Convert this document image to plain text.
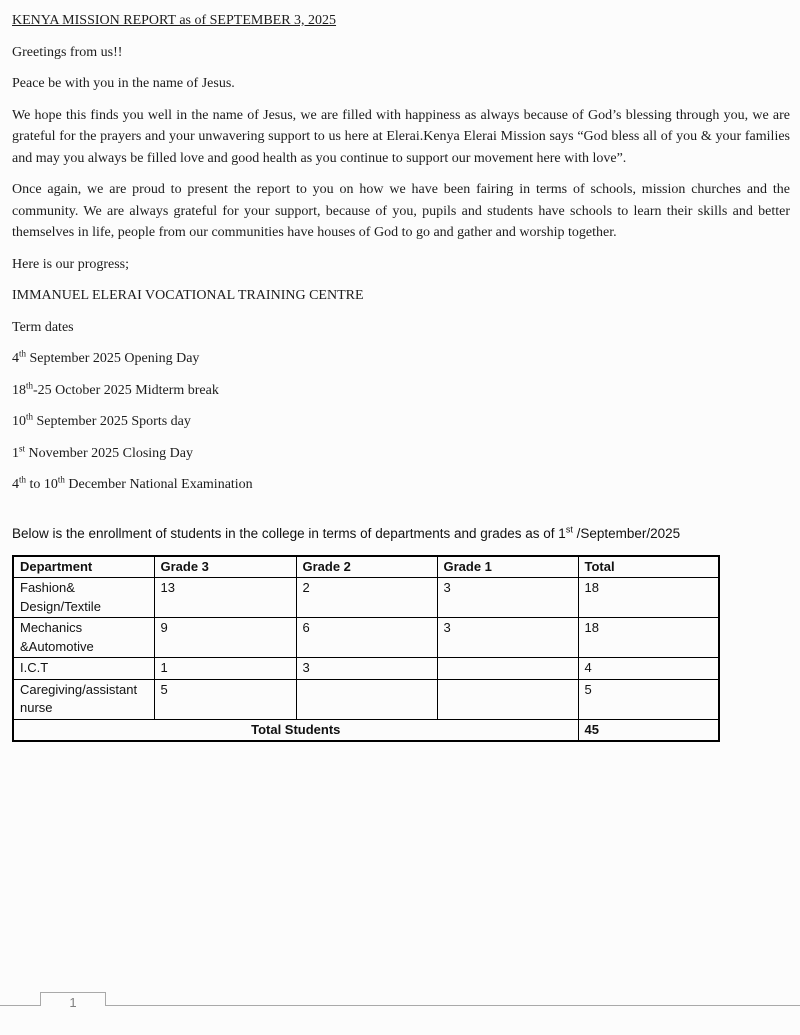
KENYA MISSION REPORT as of SEPTEMBER 3, 2025

Greetings from us!!

Peace be with you in the name of Jesus.

We hope this finds you well in the name of Jesus, we are filled with happiness as always because of God’s blessing through you, we are grateful for the prayers and your unwavering support to us here at Elerai.Kenya Elerai Mission says “God bless all of you & your families and may you always be filled love and good health as you continue to support our movement here with love”.

Once again, we are proud to present the report to you on how we have been fairing in terms of schools, mission churches and the community. We are always grateful for your support, because of you, pupils and students have schools to learn their skills and better themselves in life, people from our communities have houses of God to go and gather and worship together.

Here is our progress;

IMMANUEL ELERAI VOCATIONAL TRAINING CENTRE

Term dates

4th September 2025 Opening Day

18th-25 October 2025 Midterm break

10th September 2025 Sports day

1st November 2025 Closing Day

4th to 10th December National Examination

Below is the enrollment of students in the college in terms of departments and grades as of 1st /September/2025

Department	Grade 3	Grade 2	Grade 1	Total
Fashion& Design/Textile	13	2	3	18
Mechanics &Automotive	9	6	3	18
I.C.T	1	3		4
Caregiving/assistant nurse	5			5
Total Students				45
1
